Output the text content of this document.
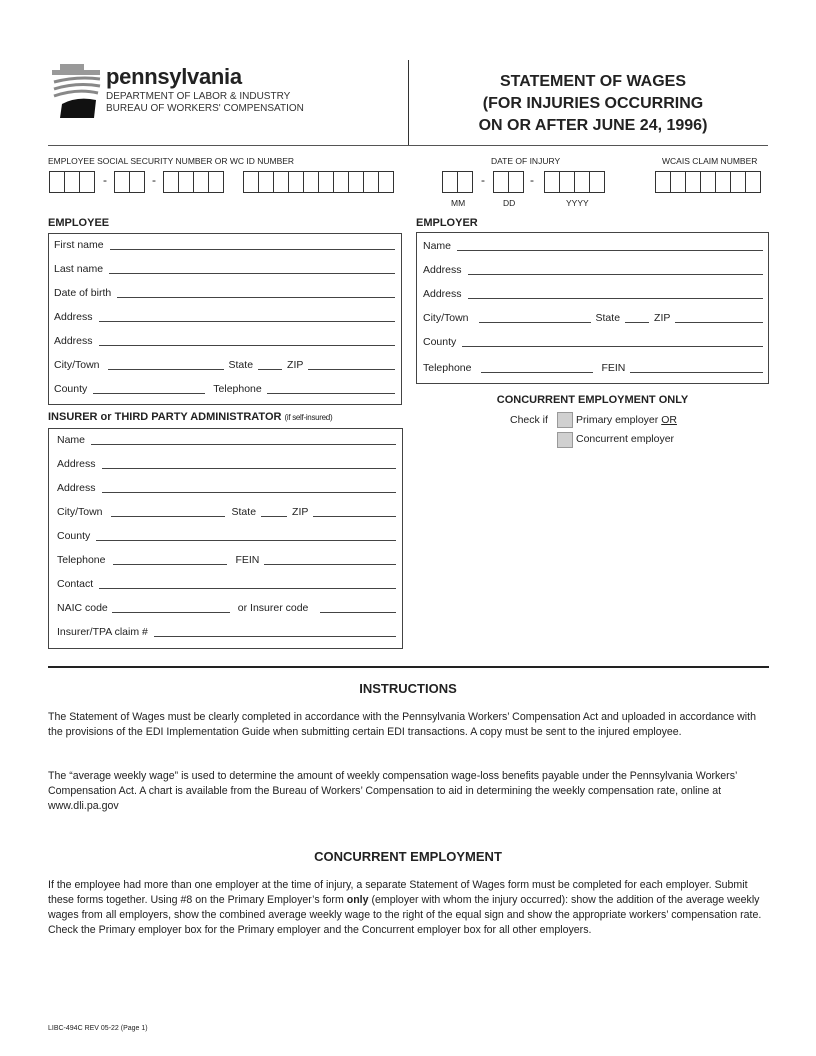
pennsylvania
DEPARTMENT OF LABOR & INDUSTRY
BUREAU OF WORKERS' COMPENSATION
STATEMENT OF WAGES
(FOR INJURIES OCCURRING
ON OR AFTER JUNE 24, 1996)
EMPLOYEE SOCIAL SECURITY NUMBER OR WC ID NUMBER
-	-
DATE OF INJURY
-	-
MM	DD	YYYY
WCAIS CLAIM NUMBER
EMPLOYEE
First name
Last name
Date of birth
Address
Address
City/Town	State	ZIP
County	Telephone
EMPLOYER
Name
Address
Address
City/Town	State	ZIP
County
Telephone	FEIN
CONCURRENT EMPLOYMENT ONLY
Check if	Primary employer OR
Concurrent employer
INSURER or THIRD PARTY ADMINISTRATOR (if self-insured)
Name
Address
Address
City/Town	State	ZIP
County
Telephone	FEIN
Contact
NAIC code	or Insurer code
Insurer/TPA claim #
INSTRUCTIONS
The Statement of Wages must be clearly completed in accordance with the Pennsylvania Workers’ Compensation Act and uploaded in accordance with the provisions of the EDI Implementation Guide when submitting certain EDI transactions. A copy must be sent to the injured employee.
The “average weekly wage” is used to determine the amount of weekly compensation wage-loss benefits payable under the Pennsylvania Workers’ Compensation Act. A chart is available from the Bureau of Workers’ Compensation to aid in determining the weekly compensation rate, online at www.dli.pa.gov
CONCURRENT EMPLOYMENT
If the employee had more than one employer at the time of injury, a separate Statement of Wages form must be completed for each employer. Submit these forms together. Using #8 on the Primary Employer’s form only (employer with whom the injury occurred): show the addition of the average weekly wages from all employers, show the combined average weekly wage to the right of the equal sign and show the appropriate workers’ compensation rate. Check the Primary employer box for the Primary employer and the Concurrent employer box for all other employers.
LIBC-494C REV 05-22 (Page 1)
